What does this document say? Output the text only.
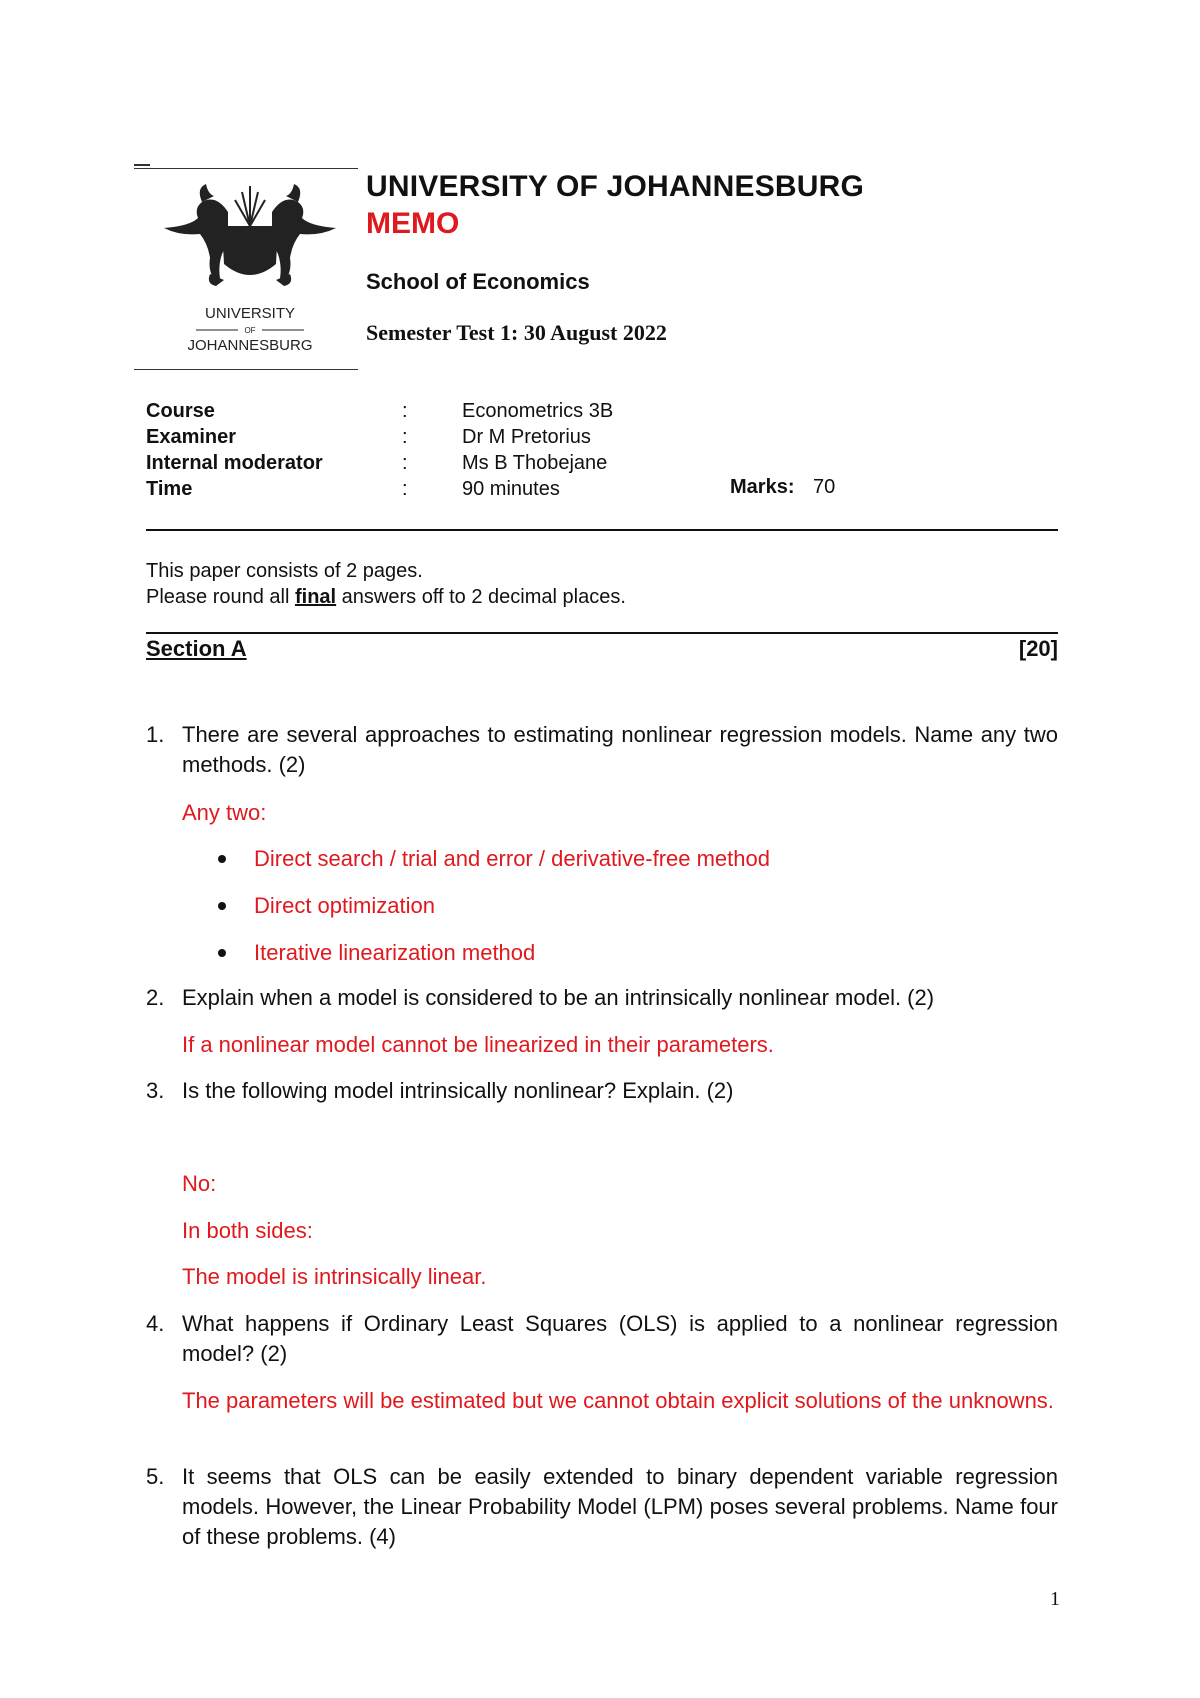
UNIVERSITY
OF
JOHANNESBURG
UNIVERSITY OF JOHANNESBURG
MEMO
School of Economics
Semester Test 1: 30 August 2022
Course	:	Econometrics 3B
Examiner	:	Dr M Pretorius
Internal moderator	:	Ms B Thobejane
Time	:	90 minutes	Marks: 70
This paper consists of 2 pages.
Please round all final answers off to 2 decimal places.
Section A	[20]
1. There are several approaches to estimating nonlinear regression models. Name any two methods. (2)
Any two:
Direct search / trial and error / derivative-free method
Direct optimization
Iterative linearization method
2. Explain when a model is considered to be an intrinsically nonlinear model. (2)
If a nonlinear model cannot be linearized in their parameters.
3. Is the following model intrinsically nonlinear? Explain. (2)
No:
In both sides:
The model is intrinsically linear.
4. What happens if Ordinary Least Squares (OLS) is applied to a nonlinear regression model? (2)
The parameters will be estimated but we cannot obtain explicit solutions of the unknowns.
5. It seems that OLS can be easily extended to binary dependent variable regression models. However, the Linear Probability Model (LPM) poses several problems. Name four of these problems. (4)
1
